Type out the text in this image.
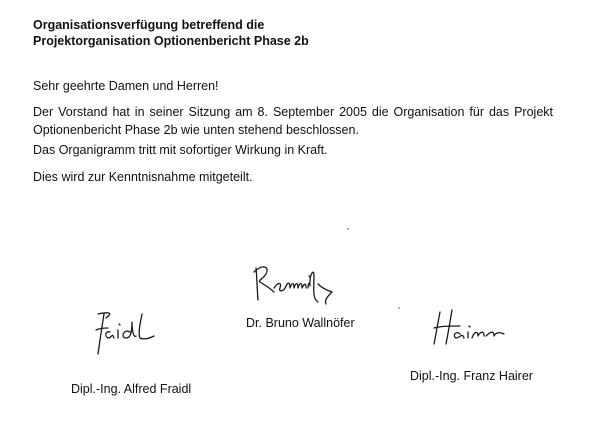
Organisationsverfügung betreffend die
Projektorganisation Optionenbericht Phase 2b

Sehr geehrte Damen und Herren!

Der Vorstand hat in seiner Sitzung am 8. September 2005 die Organisation für das Projekt Optionenbericht Phase 2b wie unten stehend beschlossen.

Das Organigramm tritt mit sofortiger Wirkung in Kraft.

Dies wird zur Kenntnisnahme mitgeteilt.

Dr. Bruno Wallnöfer
Dipl.-Ing. Alfred Fraidl
Dipl.-Ing. Franz Hairer
